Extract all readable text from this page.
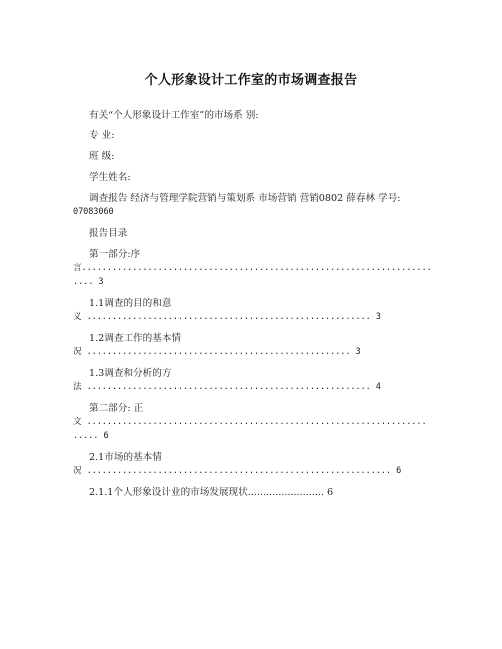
个人形象设计工作室的市场调查报告
有关“个人形象设计工作室”的市场系 别:
专 业:
班 级:
学生姓名:
调查报告 经济与管理学院营销与策划系 市场营销 营销0802 薛春林 学号:
07083060
报告目录
第一部分:序
言.....................................................................
.... 3
1.1调查的目的和意
义 ........................................................ 3
1.2调查工作的基本情
况 .................................................... 3
1.3调查和分析的方
法 ........................................................ 4
第二部分: 正
文 ...................................................................
..... 6
2.1市场的基本情
况 ............................................................ 6
2.1.1个人形象设计业的市场发展现状......................... 6
